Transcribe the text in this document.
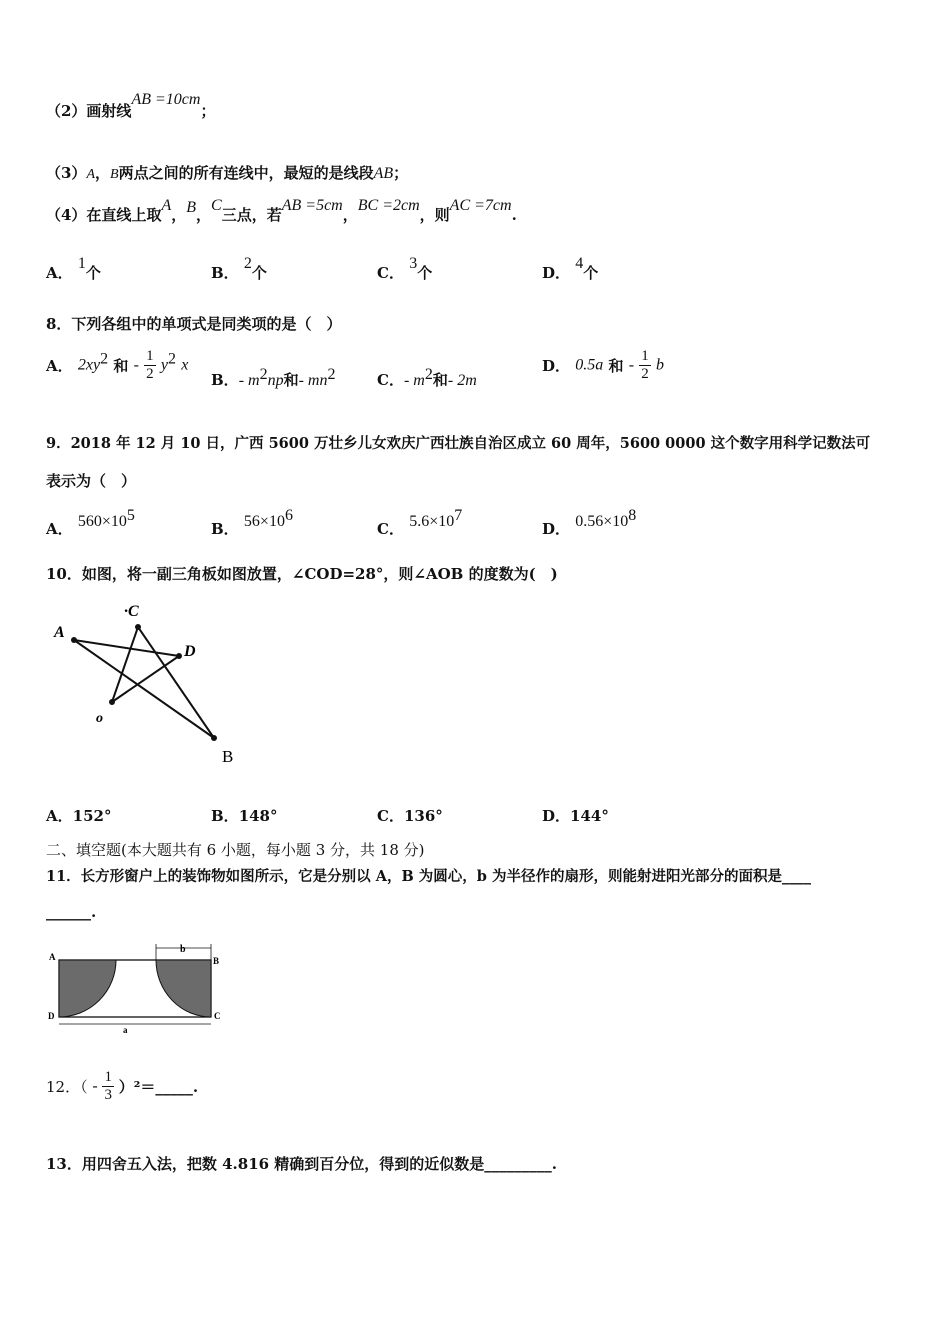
（2）画射线AB =10cm；
（3）A，B两点之间的所有连线中，最短的是线段AB；
（4）在直线上取A，B，C三点，若AB =5cm，BC =2cm，则AC =7cm.
A． 1个	B． 2个	C． 3个	D． 4个
8．下列各组中的单项式是同类项的是（　）
A． $2xy^2$ 和 - $\frac{1}{2} y^2$ x
B．- $m^2np$和- $mn^2$	C．- $m^2$和- 2m
D． 0.5a 和 - $\frac{1}{2}$ b
9．2018 年 12 月 10 日，广西 5600 万壮乡儿女欢庆广西壮族自治区成立 60 周年，5600 0000 这个数字用科学记数法可
表示为（　）
A． $560\times 10^5$
B． $56\times 10^6$
C． $5.6\times 10^7$
D． $0.56\times 10^8$
10．如图，将一副三角板如图放置，∠COD=28°，则∠AOB 的度数为(　)
A
·C
D
o
B
A．152°	B．148°	C．136°	D．144°
二、填空题(本大题共有 6 小题，每小题 3 分，共 18 分)
11．长方形窗户上的装饰物如图所示，它是分别以 A，B 为圆心，b 为半径作的扇形，则能射进阳光部分的面积是____
______.
A	B
C
D
a
b
12．（ - $\frac{1}{3}$ ）²＝_____.
13．用四舍五入法，把数 4.816 精确到百分位，得到的近似数是_________.
